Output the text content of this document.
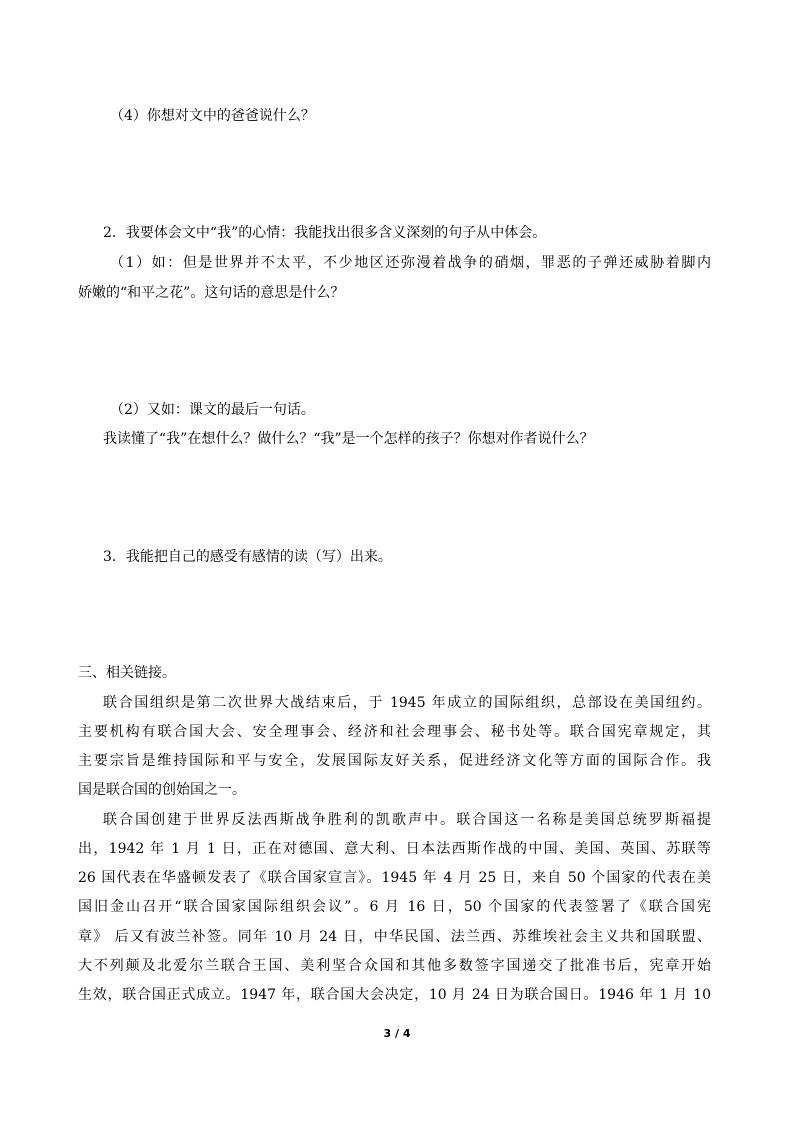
（4）你想对文中的爸爸说什么？

2．我要体会文中“我”的心情：我能找出很多含义深刻的句子从中体会。

（1）如：但是世界并不太平，不少地区还弥漫着战争的硝烟，罪恶的子弹还威胁着脚内

娇嫩的“和平之花”。这句话的意思是什么？

（2）又如：课文的最后一句话。

我读懂了“我”在想什么？做什么？“我”是一个怎样的孩子？你想对作者说什么？

3．我能把自己的感受有感情的读（写）出来。

三、相关链接。

联合国组织是第二次世界大战结束后，于 1945 年成立的国际组织，总部设在美国纽约。

主要机构有联合国大会、安全理事会、经济和社会理事会、秘书处等。联合国宪章规定，其

主要宗旨是维持国际和平与安全，发展国际友好关系，促进经济文化等方面的国际合作。我

国是联合国的创始国之一。

联合国创建于世界反法西斯战争胜利的凯歌声中。联合国这一名称是美国总统罗斯福提

出，1942 年 1 月 1 日，正在对德国、意大利、日本法西斯作战的中国、美国、英国、苏联等

26 国代表在华盛顿发表了《联合国家宣言》。1945 年 4 月 25 日，来自 50 个国家的代表在美

国旧金山召开“联合国家国际组织会议”。6 月 16 日，50 个国家的代表签署了《联合国宪

章》 后又有波兰补签。同年 10 月 24 日，中华民国、法兰西、苏维埃社会主义共和国联盟、

大不列颠及北爱尔兰联合王国、美利坚合众国和其他多数签字国递交了批准书后，宪章开始

生效，联合国正式成立。1947 年，联合国大会决定，10 月 24 日为联合国日。1946 年 1 月 10

3 / 4
